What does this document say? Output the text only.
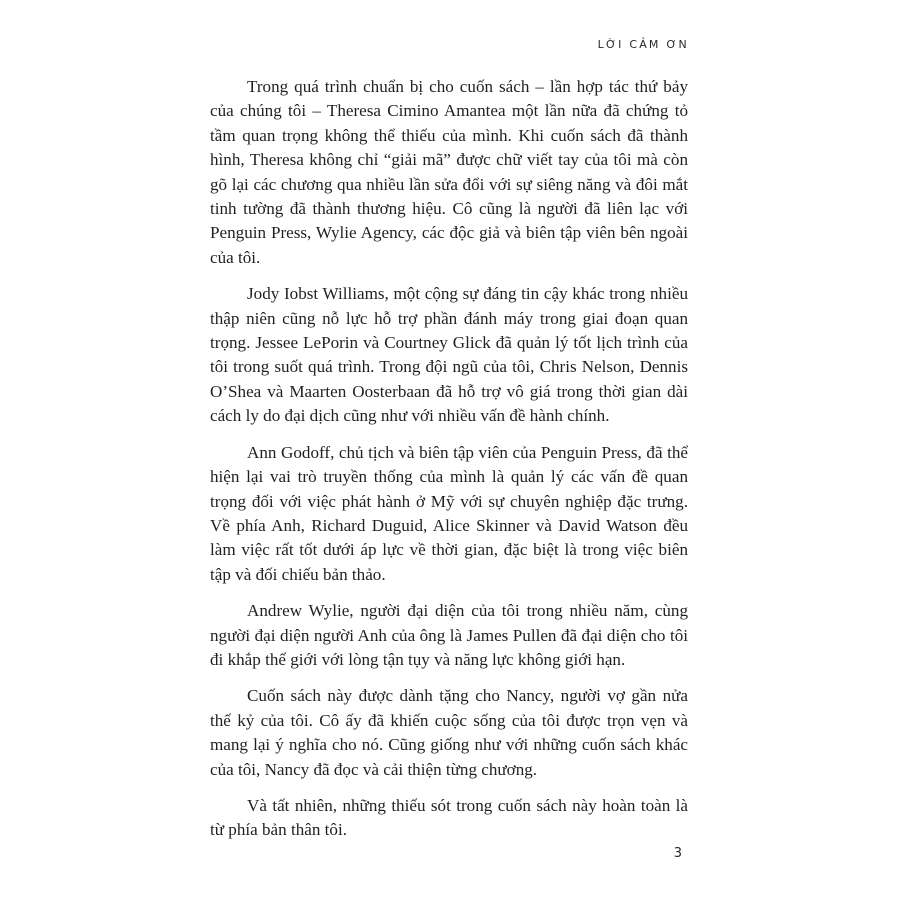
LỜI CẢM ƠN

Trong quá trình chuẩn bị cho cuốn sách – lần hợp tác thứ bảy của chúng tôi – Theresa Cimino Amantea một lần nữa đã chứng tỏ tầm quan trọng không thể thiếu của mình. Khi cuốn sách đã thành hình, Theresa không chỉ “giải mã” được chữ viết tay của tôi mà còn gõ lại các chương qua nhiều lần sửa đổi với sự siêng năng và đôi mắt tinh tường đã thành thương hiệu. Cô cũng là người đã liên lạc với Penguin Press, Wylie Agency, các độc giả và biên tập viên bên ngoài của tôi.

Jody Iobst Williams, một cộng sự đáng tin cậy khác trong nhiều thập niên cũng nỗ lực hỗ trợ phần đánh máy trong giai đoạn quan trọng. Jessee LePorin và Courtney Glick đã quản lý tốt lịch trình của tôi trong suốt quá trình. Trong đội ngũ của tôi, Chris Nelson, Dennis O’Shea và Maarten Oosterbaan đã hỗ trợ vô giá trong thời gian dài cách ly do đại dịch cũng như với nhiều vấn đề hành chính.

Ann Godoff, chủ tịch và biên tập viên của Penguin Press, đã thể hiện lại vai trò truyền thống của mình là quản lý các vấn đề quan trọng đối với việc phát hành ở Mỹ với sự chuyên nghiệp đặc trưng. Về phía Anh, Richard Duguid, Alice Skinner và David Watson đều làm việc rất tốt dưới áp lực về thời gian, đặc biệt là trong việc biên tập và đối chiếu bản thảo.

Andrew Wylie, người đại diện của tôi trong nhiều năm, cùng người đại diện người Anh của ông là James Pullen đã đại diện cho tôi đi khắp thế giới với lòng tận tụy và năng lực không giới hạn.

Cuốn sách này được dành tặng cho Nancy, người vợ gần nửa thế kỷ của tôi. Cô ấy đã khiến cuộc sống của tôi được trọn vẹn và mang lại ý nghĩa cho nó. Cũng giống như với những cuốn sách khác của tôi, Nancy đã đọc và cải thiện từng chương.

Và tất nhiên, những thiếu sót trong cuốn sách này hoàn toàn là từ phía bản thân tôi.

3
